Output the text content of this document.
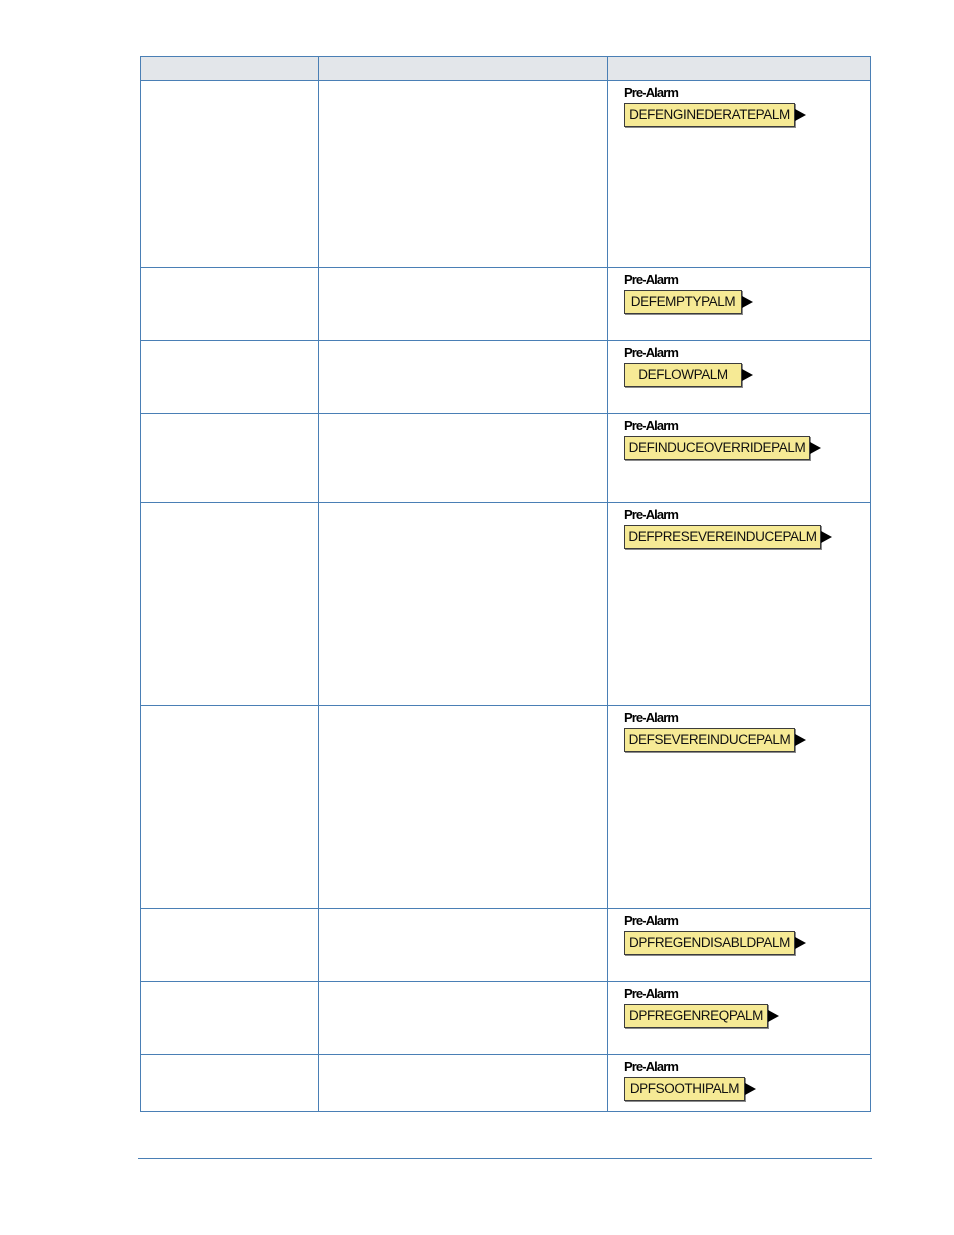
		Pre-Alarm
DEFENGINEDERATEPALM

		Pre-Alarm
DEFEMPTYPALM

		Pre-Alarm
DEFLOWPALM

		Pre-Alarm
DEFINDUCEOVERRIDEPALM

		Pre-Alarm
DEFPRESEVEREINDUCEPALM

		Pre-Alarm
DEFSEVEREINDUCEPALM

		Pre-Alarm
DPFREGENDISABLDPALM

		Pre-Alarm
DPFREGENREQPALM

		Pre-Alarm
DPFSOOTHIPALM
